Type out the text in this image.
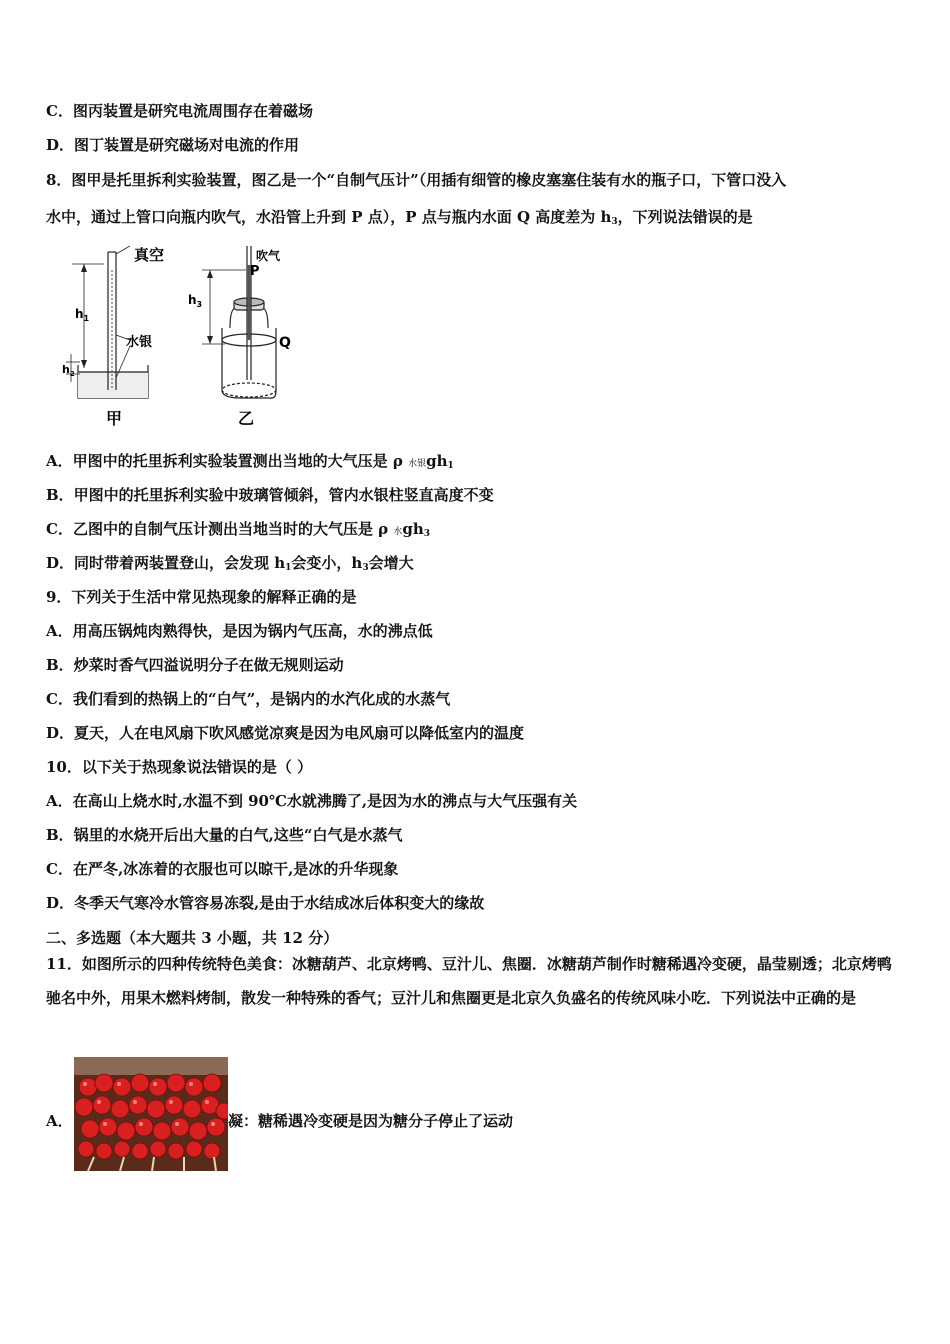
C．图丙装置是研究电流周围存在着磁场
D．图丁装置是研究磁场对电流的作用
8．图甲是托里拆利实验装置，图乙是一个“自制气压计”（用插有细管的橡皮塞塞住装有水的瓶子口，下管口没入
水中，通过上管口向瓶内吹气，水沿管上升到 P 点），P 点与瓶内水面 Q 高度差为 $h_3$，下列说法错误的是
真空
水银
$h_1$
$h_2$
甲
吹气
P
Q
$h_3$
乙
A．甲图中的托里拆利实验装置测出当地的大气压是 ρ 水银$gh_1$
B．甲图中的托里拆利实验中玻璃管倾斜，管内水银柱竖直高度不变
C．乙图中的自制气压计测出当地当时的大气压是 ρ 水$gh_3$
D．同时带着两装置登山，会发现 $h_1$会变小，$h_3$会增大
9．下列关于生活中常见热现象的解释正确的是
A．用高压锅炖肉熟得快，是因为锅内气压高，水的沸点低
B．炒菜时香气四溢说明分子在做无规则运动
C．我们看到的热锅上的“白气”，是锅内的水汽化成的水蒸气
D．夏天，人在电风扇下吹风感觉凉爽是因为电风扇可以降低室内的温度
10．以下关于热现象说法错误的是（ ）
A．在高山上烧水时,水温不到 90℃水就沸腾了,是因为水的沸点与大气压强有关
B．锅里的水烧开后出大量的白气,这些“白气是水蒸气
C．在严冬,冰冻着的衣服也可以晾干,是冰的升华现象
D．冬季天气寒冷水管容易冻裂,是由于水结成冰后体积变大的缘故
二、多选题（本大题共 3 小题，共 12 分）
11．如图所示的四种传统特色美食：冰糖葫芦、北京烤鸭、豆汁儿、焦圈．冰糖葫芦制作时糖稀遇冷变硬，晶莹剔透；北京烤鸭驰名中外，用果木燃料烤制，散发一种特殊的香气；豆汁儿和焦圈更是北京久负盛名的传统风味小吃．下列说法中正确的是
A．	凝：糖稀遇冷变硬是因为糖分子停止了运动
